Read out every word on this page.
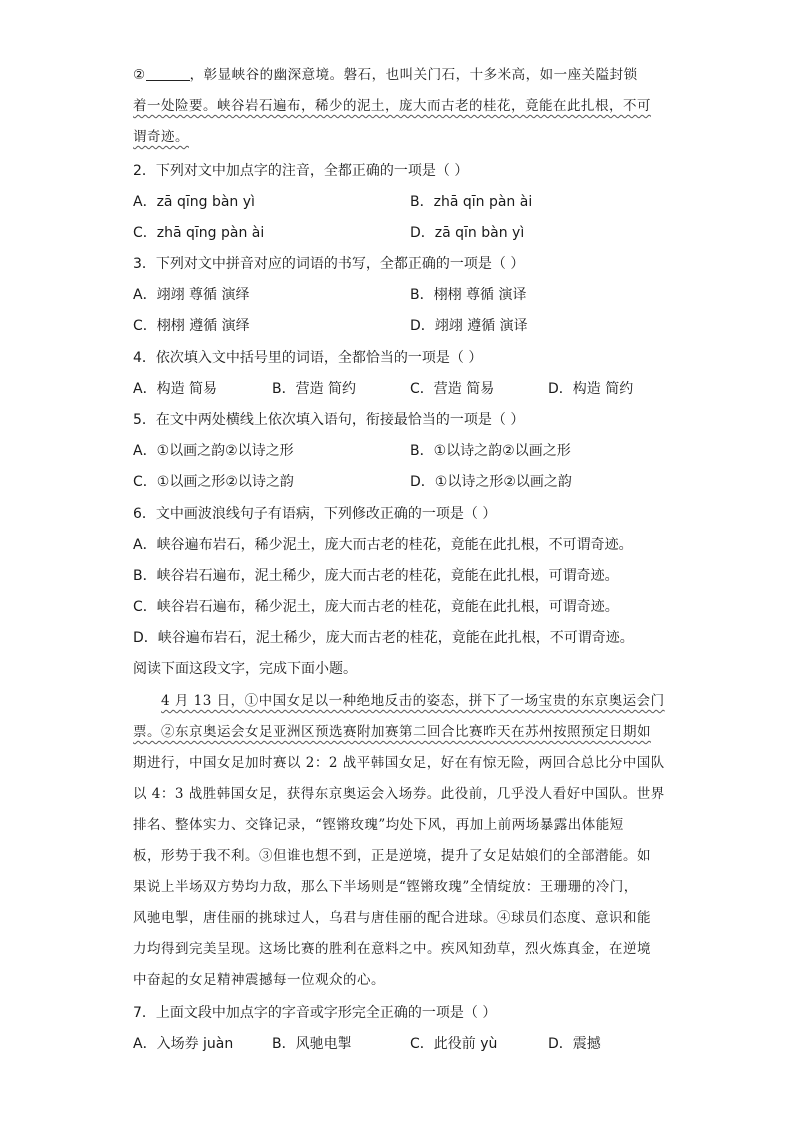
②	，彰显峡谷的幽深意境。磐石，也叫关门石，十多米高，如一座关隘封锁
着一处险要。峡谷岩石遍布，稀少的泥土，庞大而古老的桂花，竟能在此扎根，不可
谓奇迹。
2．下列对文中加点字的注音，全都正确的一项是（ ）
A．zā qīng bàn yì	B．zhā qīn pàn ài
C．zhā qīng pàn ài	D．zā qīn bàn yì
3．下列对文中拼音对应的词语的书写，全都正确的一项是（ ）
A．翊翊 尊循 演绎	B．栩栩 尊循 演译
C．栩栩 遵循 演绎	D．翊翊 遵循 演译
4．依次填入文中括号里的词语，全都恰当的一项是（ ）
A．构造 简易	B．营造 简约	C．营造 简易	D．构造 简约
5．在文中两处横线上依次填入语句，衔接最恰当的一项是（ ）
A．①以画之韵②以诗之形	B．①以诗之韵②以画之形
C．①以画之形②以诗之韵	D．①以诗之形②以画之韵
6．文中画波浪线句子有语病，下列修改正确的一项是（ ）
A．峡谷遍布岩石，稀少泥土，庞大而古老的桂花，竟能在此扎根，不可谓奇迹。
B．峡谷岩石遍布，泥土稀少，庞大而古老的桂花，竟能在此扎根，可谓奇迹。
C．峡谷岩石遍布，稀少泥土，庞大而古老的桂花，竟能在此扎根，可谓奇迹。
D．峡谷遍布岩石，泥土稀少，庞大而古老的桂花，竟能在此扎根，不可谓奇迹。
阅读下面这段文字，完成下面小题。
4 月 13 日，①中国女足以一种绝地反击的姿态，拼下了一场宝贵的东京奥运会门
票。②东京奥运会女足亚洲区预选赛附加赛第二回合比赛昨天在苏州按照预定日期如
期进行，中国女足加时赛以 2：2 战平韩国女足，好在有惊无险，两回合总比分中国队
以 4：3 战胜韩国女足，获得东京奥运会入场券。此役前，几乎没人看好中国队。世界
排名、整体实力、交锋记录，“铿锵玫瑰”均处下风，再加上前两场暴露出体能短
板，形势于我不利。③但谁也想不到，正是逆境，提升了女足姑娘们的全部潜能。如
果说上半场双方势均力敌，那么下半场则是“铿锵玫瑰”全情绽放：王珊珊的冷门，
风驰电掣，唐佳丽的挑球过人，乌君与唐佳丽的配合进球。④球员们态度、意识和能
力均得到完美呈现。这场比赛的胜利在意料之中。疾风知劲草，烈火炼真金，在逆境
中奋起的女足精神震撼每一位观众的心。
7．上面文段中加点字的字音或字形完全正确的一项是（ ）
A．入场券 juàn	B．风驰电掣	C．此役前 yù	D．震撼
